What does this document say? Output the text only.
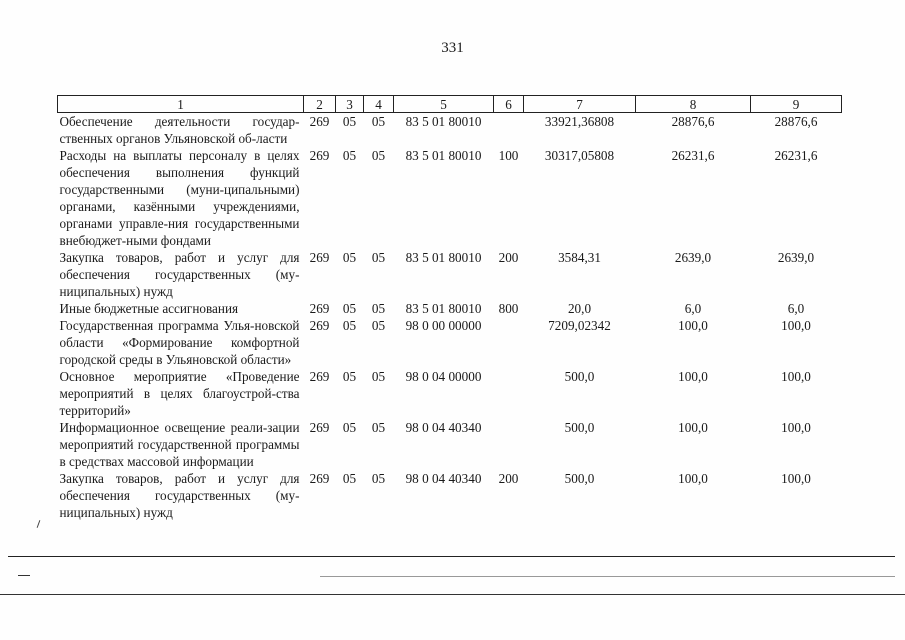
331
1	2	3	4	5	6	7	8	9
Обеспечение деятельности государ-ственных органов Ульяновской об-ласти	269	05	05	83 5 01 80010		33921,36808	28876,6	28876,6
Расходы на выплаты персоналу в целях обеспечения выполнения функций государственными (муни-ципальными) органами, казёнными учреждениями, органами управле-ния государственными внебюджет-ными фондами	269	05	05	83 5 01 80010	100	30317,05808	26231,6	26231,6
Закупка товаров, работ и услуг для обеспечения государственных (му-ниципальных) нужд	269	05	05	83 5 01 80010	200	3584,31	2639,0	2639,0
Иные бюджетные ассигнования	269	05	05	83 5 01 80010	800	20,0	6,0	6,0
Государственная программа Улья-новской области «Формирование комфортной городской среды в Ульяновской области»	269	05	05	98 0 00 00000		7209,02342	100,0	100,0
Основное мероприятие «Проведение мероприятий в целях благоустрой-ства территорий»	269	05	05	98 0 04 00000		500,0	100,0	100,0
Информационное освещение реали-зации мероприятий государственной программы в средствах массовой информации	269	05	05	98 0 04 40340		500,0	100,0	100,0
Закупка товаров, работ и услуг для обеспечения государственных (му-ниципальных) нужд	269	05	05	98 0 04 40340	200	500,0	100,0	100,0
